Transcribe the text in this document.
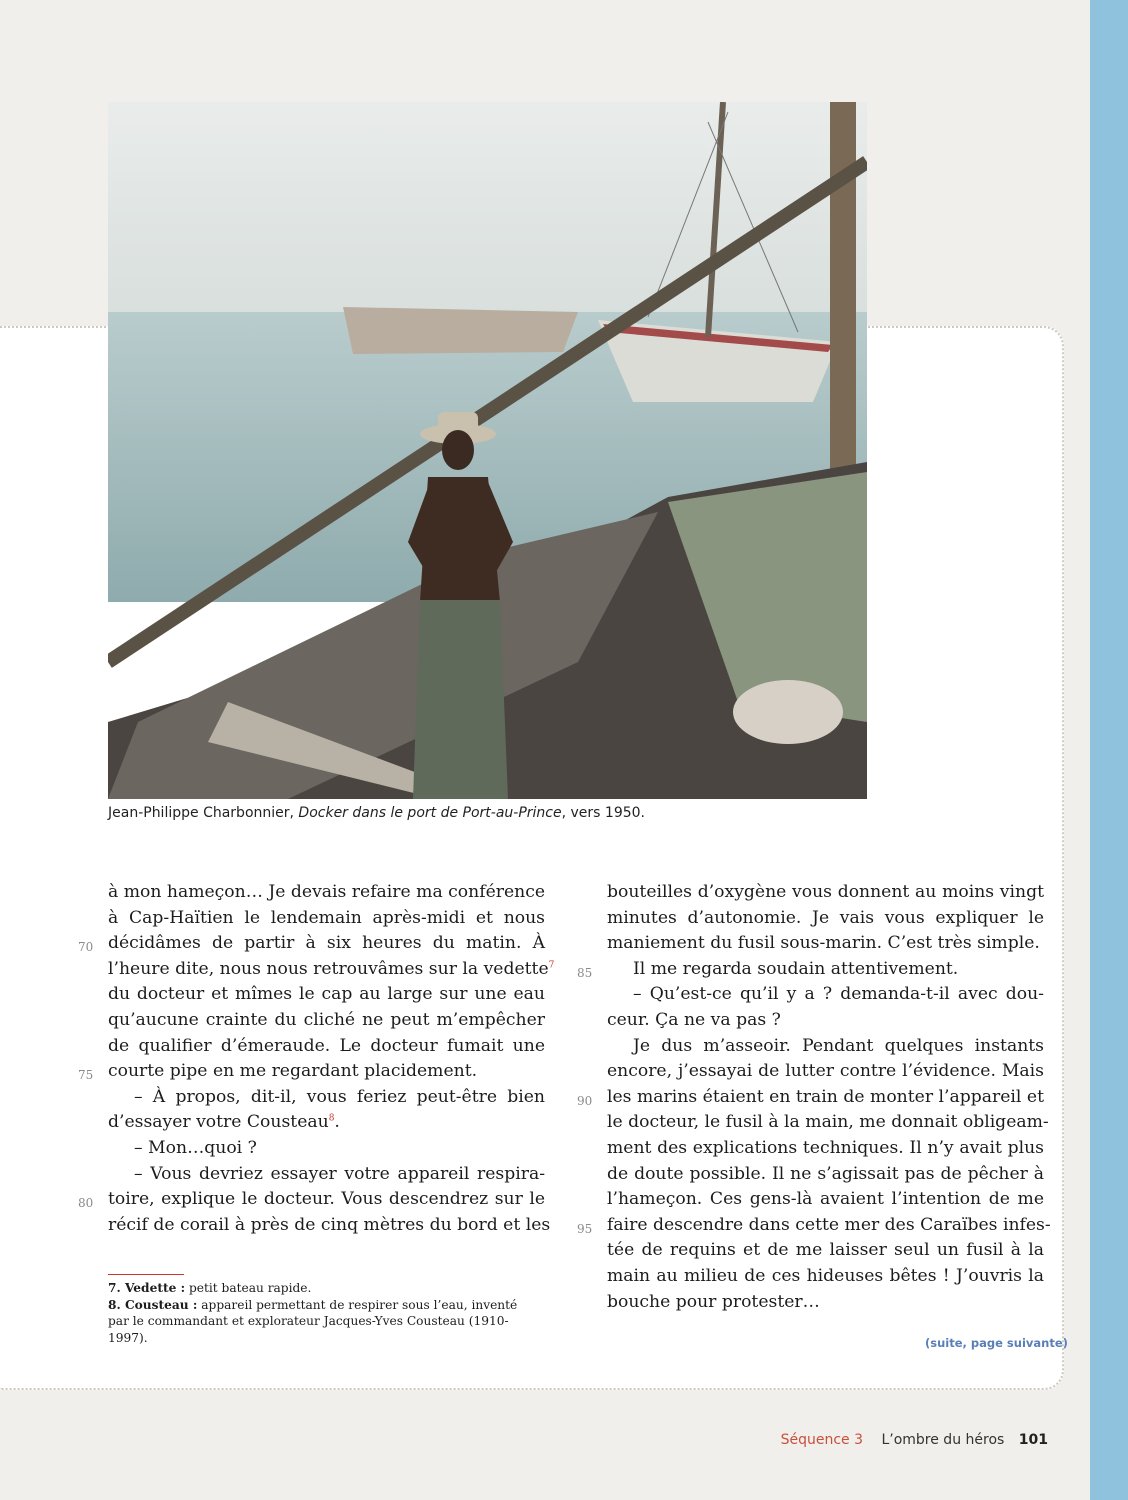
Jean-Philippe Charbonnier, Docker dans le port de Port-au-Prince, vers 1950.
à mon hameçon… Je devais refaire ma conférence
à Cap-Haïtien le lendemain après-midi et nous
70 décidâmes de partir à six heures du matin. À
l’heure dite, nous nous retrouvâmes sur la vedette$^7$
du docteur et mîmes le cap au large sur une eau
qu’aucune crainte du cliché ne peut m’empêcher
de qualifier d’émeraude. Le docteur fumait une
75 courte pipe en me regardant placidement.
– À propos, dit-il, vous feriez peut-être bien
d’essayer votre Cousteau$^8$.
– Mon…quoi ?
– Vous devriez essayer votre appareil respira-
80 toire, explique le docteur. Vous descendrez sur le
récif de corail à près de cinq mètres du bord et les
bouteilles d’oxygène vous donnent au moins vingt
minutes d’autonomie. Je vais vous expliquer le
maniement du fusil sous-marin. C’est très simple.
85 Il me regarda soudain attentivement.
– Qu’est-ce qu’il y a ? demanda-t-il avec dou-
ceur. Ça ne va pas ?
Je dus m’asseoir. Pendant quelques instants
encore, j’essayai de lutter contre l’évidence. Mais
90 les marins étaient en train de monter l’appareil et
le docteur, le fusil à la main, me donnait obligeam-
ment des explications techniques. Il n’y avait plus
de doute possible. Il ne s’agissait pas de pêcher à
l’hameçon. Ces gens-là avaient l’intention de me
95 faire descendre dans cette mer des Caraïbes infes-
tée de requins et de me laisser seul un fusil à la
main au milieu de ces hideuses bêtes ! J’ouvris la
bouche pour protester…
7. Vedette : petit bateau rapide.
8. Cousteau : appareil permettant de respirer sous l’eau, inventé par le commandant et explorateur Jacques-Yves Cousteau (1910-1997).	(suite, page suivante)
Séquence 3 L’ombre du héros 101
